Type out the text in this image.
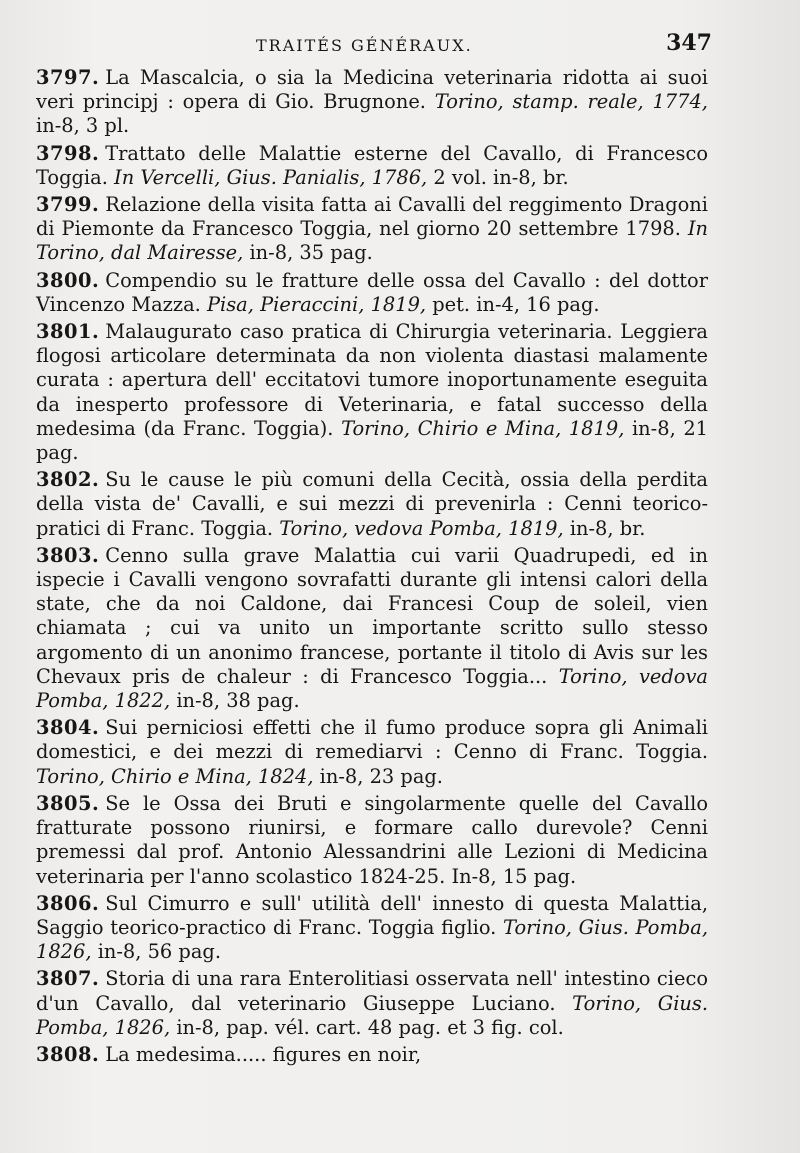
TRAITÉS GÉNÉRAUX.	347

3797. La Mascalcia, o sia la Medicina veterinaria ridotta ai suoi veri principj : opera di Gio. Brugnone. Torino, stamp. reale, 1774, in-8, 3 pl.

3798. Trattato delle Malattie esterne del Cavallo, di Francesco Toggia. In Vercelli, Gius. Panialis, 1786, 2 vol. in-8, br.

3799. Relazione della visita fatta ai Cavalli del reggimento Dragoni di Piemonte da Francesco Toggia, nel giorno 20 settembre 1798. In Torino, dal Mairesse, in-8, 35 pag.

3800. Compendio su le fratture delle ossa del Cavallo : del dottor Vincenzo Mazza. Pisa, Pieraccini, 1819, pet. in-4, 16 pag.

3801. Malaugurato caso pratica di Chirurgia veterinaria. Leggiera flogosi articolare determinata da non violenta diastasi malamente curata : apertura dell' eccitatovi tumore inoportunamente eseguita da inesperto professore di Veterinaria, e fatal successo della medesima (da Franc. Toggia). Torino, Chirio e Mina, 1819, in-8, 21 pag.

3802. Su le cause le più comuni della Cecità, ossia della perdita della vista de' Cavalli, e sui mezzi di prevenirla : Cenni teorico-pratici di Franc. Toggia. Torino, vedova Pomba, 1819, in-8, br.

3803. Cenno sulla grave Malattia cui varii Quadrupedi, ed in ispecie i Cavalli vengono sovrafatti durante gli intensi calori della state, che da noi Caldone, dai Francesi Coup de soleil, vien chiamata ; cui va unito un importante scritto sullo stesso argomento di un anonimo francese, portante il titolo di Avis sur les Chevaux pris de chaleur : di Francesco Toggia... Torino, vedova Pomba, 1822, in-8, 38 pag.

3804. Sui perniciosi effetti che il fumo produce sopra gli Animali domestici, e dei mezzi di remediarvi : Cenno di Franc. Toggia. Torino, Chirio e Mina, 1824, in-8, 23 pag.

3805. Se le Ossa dei Bruti e singolarmente quelle del Cavallo fratturate possono riunirsi, e formare callo durevole? Cenni premessi dal prof. Antonio Alessandrini alle Lezioni di Medicina veterinaria per l'anno scolastico 1824-25. In-8, 15 pag.

3806. Sul Cimurro e sull' utilità dell' innesto di questa Malattia, Saggio teorico-practico di Franc. Toggia figlio. Torino, Gius. Pomba, 1826, in-8, 56 pag.

3807. Storia di una rara Enterolitiasi osservata nell' intestino cieco d'un Cavallo, dal veterinario Giuseppe Luciano. Torino, Gius. Pomba, 1826, in-8, pap. vél. cart. 48 pag. et 3 fig. col.

3808. La medesima..... figures en noir,
